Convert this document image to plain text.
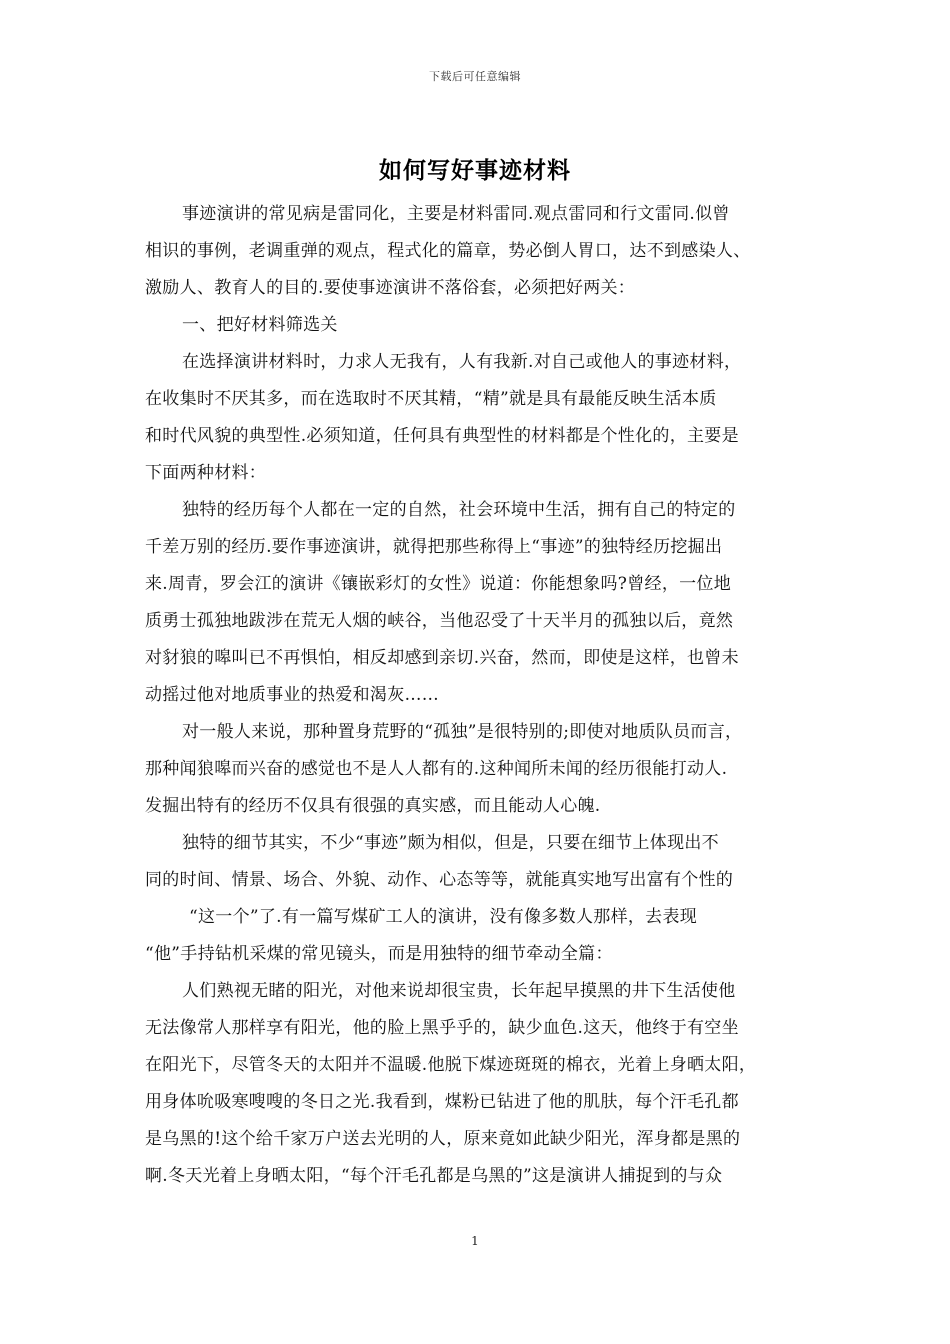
下载后可任意编辑
如何写好事迹材料
事迹演讲的常见病是雷同化，主要是材料雷同.观点雷同和行文雷同.似曾
相识的事例，老调重弹的观点，程式化的篇章，势必倒人胃口，达不到感染人、
激励人、教育人的目的.要使事迹演讲不落俗套，必须把好两关：
一、把好材料筛选关
在选择演讲材料时，力求人无我有，人有我新.对自己或他人的事迹材料，
在收集时不厌其多，而在选取时不厌其精，“精”就是具有最能反映生活本质
和时代风貌的典型性.必须知道，任何具有典型性的材料都是个性化的，主要是
下面两种材料：
独特的经历每个人都在一定的自然，社会环境中生活，拥有自己的特定的
千差万别的经历.要作事迹演讲，就得把那些称得上“事迹”的独特经历挖掘出
来.周青，罗会江的演讲《镶嵌彩灯的女性》说道：你能想象吗?曾经，一位地
质勇士孤独地跋涉在荒无人烟的峡谷，当他忍受了十天半月的孤独以后，竟然
对豺狼的嗥叫已不再惧怕，相反却感到亲切.兴奋，然而，即使是这样，也曾未
动摇过他对地质事业的热爱和渴灰……
对一般人来说，那种置身荒野的“孤独”是很特别的;即使对地质队员而言，
那种闻狼嗥而兴奋的感觉也不是人人都有的.这种闻所未闻的经历很能打动人.
发掘出特有的经历不仅具有很强的真实感，而且能动人心魄.
独特的细节其实，不少“事迹”颇为相似，但是，只要在细节上体现出不
同的时间、情景、场合、外貌、动作、心态等等，就能真实地写出富有个性的
“这一个”了.有一篇写煤矿工人的演讲，没有像多数人那样，去表现
“他”手持钻机采煤的常见镜头，而是用独特的细节牵动全篇：
人们熟视无睹的阳光，对他来说却很宝贵，长年起早摸黑的井下生活使他
无法像常人那样享有阳光，他的脸上黑乎乎的，缺少血色.这天，他终于有空坐
在阳光下，尽管冬天的太阳并不温暖.他脱下煤迹斑斑的棉衣，光着上身晒太阳，
用身体吮吸寒嗖嗖的冬日之光.我看到，煤粉已钻进了他的肌肤，每个汗毛孔都
是乌黑的!这个给千家万户送去光明的人，原来竟如此缺少阳光，浑身都是黑的
啊.冬天光着上身晒太阳，“每个汗毛孔都是乌黑的”这是演讲人捕捉到的与众
1
